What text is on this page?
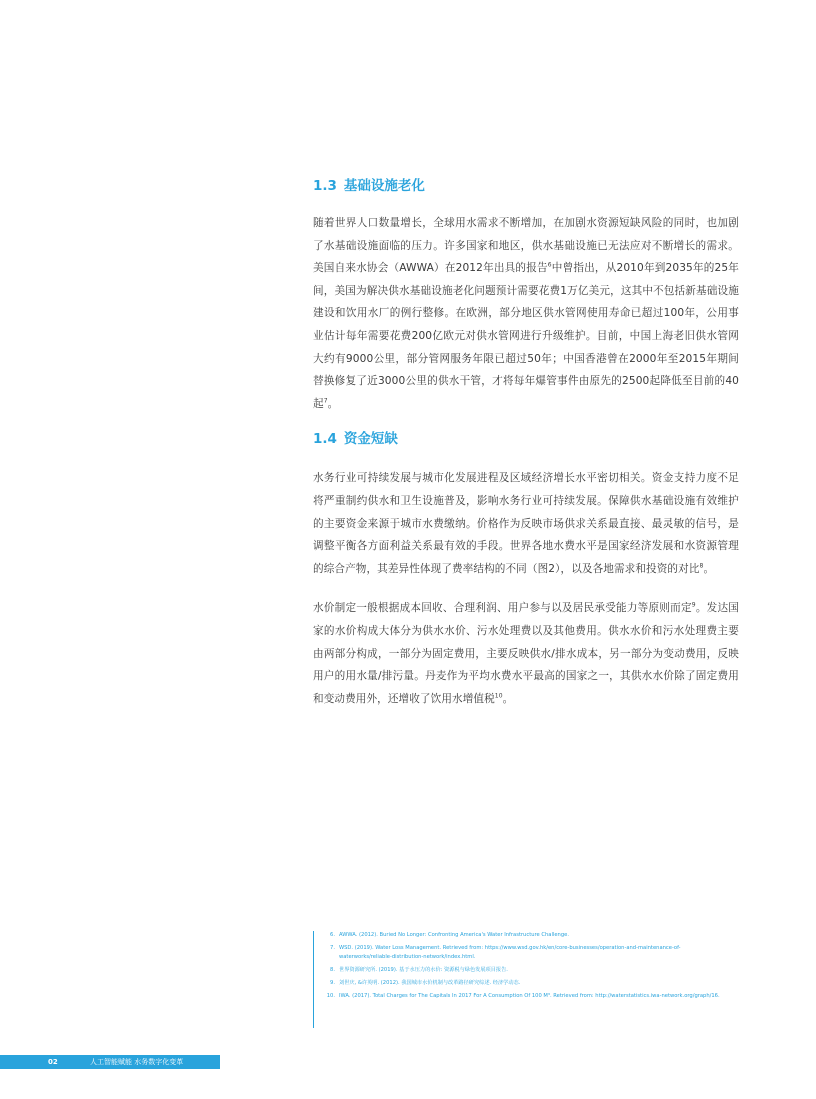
1.3 基础设施老化

随着世界人口数量增长，全球用水需求不断增加，在加剧水资源短缺风险的同时，也加剧了水基础设施面临的压力。许多国家和地区，供水基础设施已无法应对不断增长的需求。美国自来水协会（AWWA）在2012年出具的报告$^6$中曾指出，从2010年到2035年的25年间，美国为解决供水基础设施老化问题预计需要花费1万亿美元，这其中不包括新基础设施建设和饮用水厂的例行整修。在欧洲，部分地区供水管网使用寿命已超过100年，公用事业估计每年需要花费200亿欧元对供水管网进行升级维护。目前，中国上海老旧供水管网大约有9000公里，部分管网服务年限已超过50年；中国香港曾在2000年至2015年期间替换修复了近3000公里的供水干管，才将每年爆管事件由原先的2500起降低至目前的40起$^7$。

1.4 资金短缺

水务行业可持续发展与城市化发展进程及区域经济增长水平密切相关。资金支持力度不足将严重制约供水和卫生设施普及，影响水务行业可持续发展。保障供水基础设施有效维护的主要资金来源于城市水费缴纳。价格作为反映市场供求关系最直接、最灵敏的信号，是调整平衡各方面利益关系最有效的手段。世界各地水费水平是国家经济发展和水资源管理的综合产物，其差异性体现了费率结构的不同（图2），以及各地需求和投资的对比$^8$。

水价制定一般根据成本回收、合理利润、用户参与以及居民承受能力等原则而定$^9$。发达国家的水价构成大体分为供水水价、污水处理费以及其他费用。供水水价和污水处理费主要由两部分构成，一部分为固定费用，主要反映供水/排水成本，另一部分为变动费用，反映用户的用水量/排污量。丹麦作为平均水费水平最高的国家之一，其供水水价除了固定费用和变动费用外，还增收了饮用水增值税$^{10}$。

6. AWWA. (2012). Buried No Longer: Confronting America's Water Infrastructure Challenge.
7. WSD. (2019). Water Loss Management. Retrieved from: https://www.wsd.gov.hk/en/core-businesses/operation-and-maintenance-of-waterworks/reliable-distribution-network/index.html.
8. 世界资源研究所. (2019). 基于水压力的水价: 资源税与绿色发展项目报告.
9. 刘世庆, &许英明. (2012). 我国城市水价机制与改革路径研究综述. 经济学动态.
10. IWA. (2017). Total Charges for The Capitals In 2017 For A Consumption Of 100 M³. Retrieved from: http://waterstatistics.iwa-network.org/graph/16.
02	人工智能赋能 水务数字化变革
